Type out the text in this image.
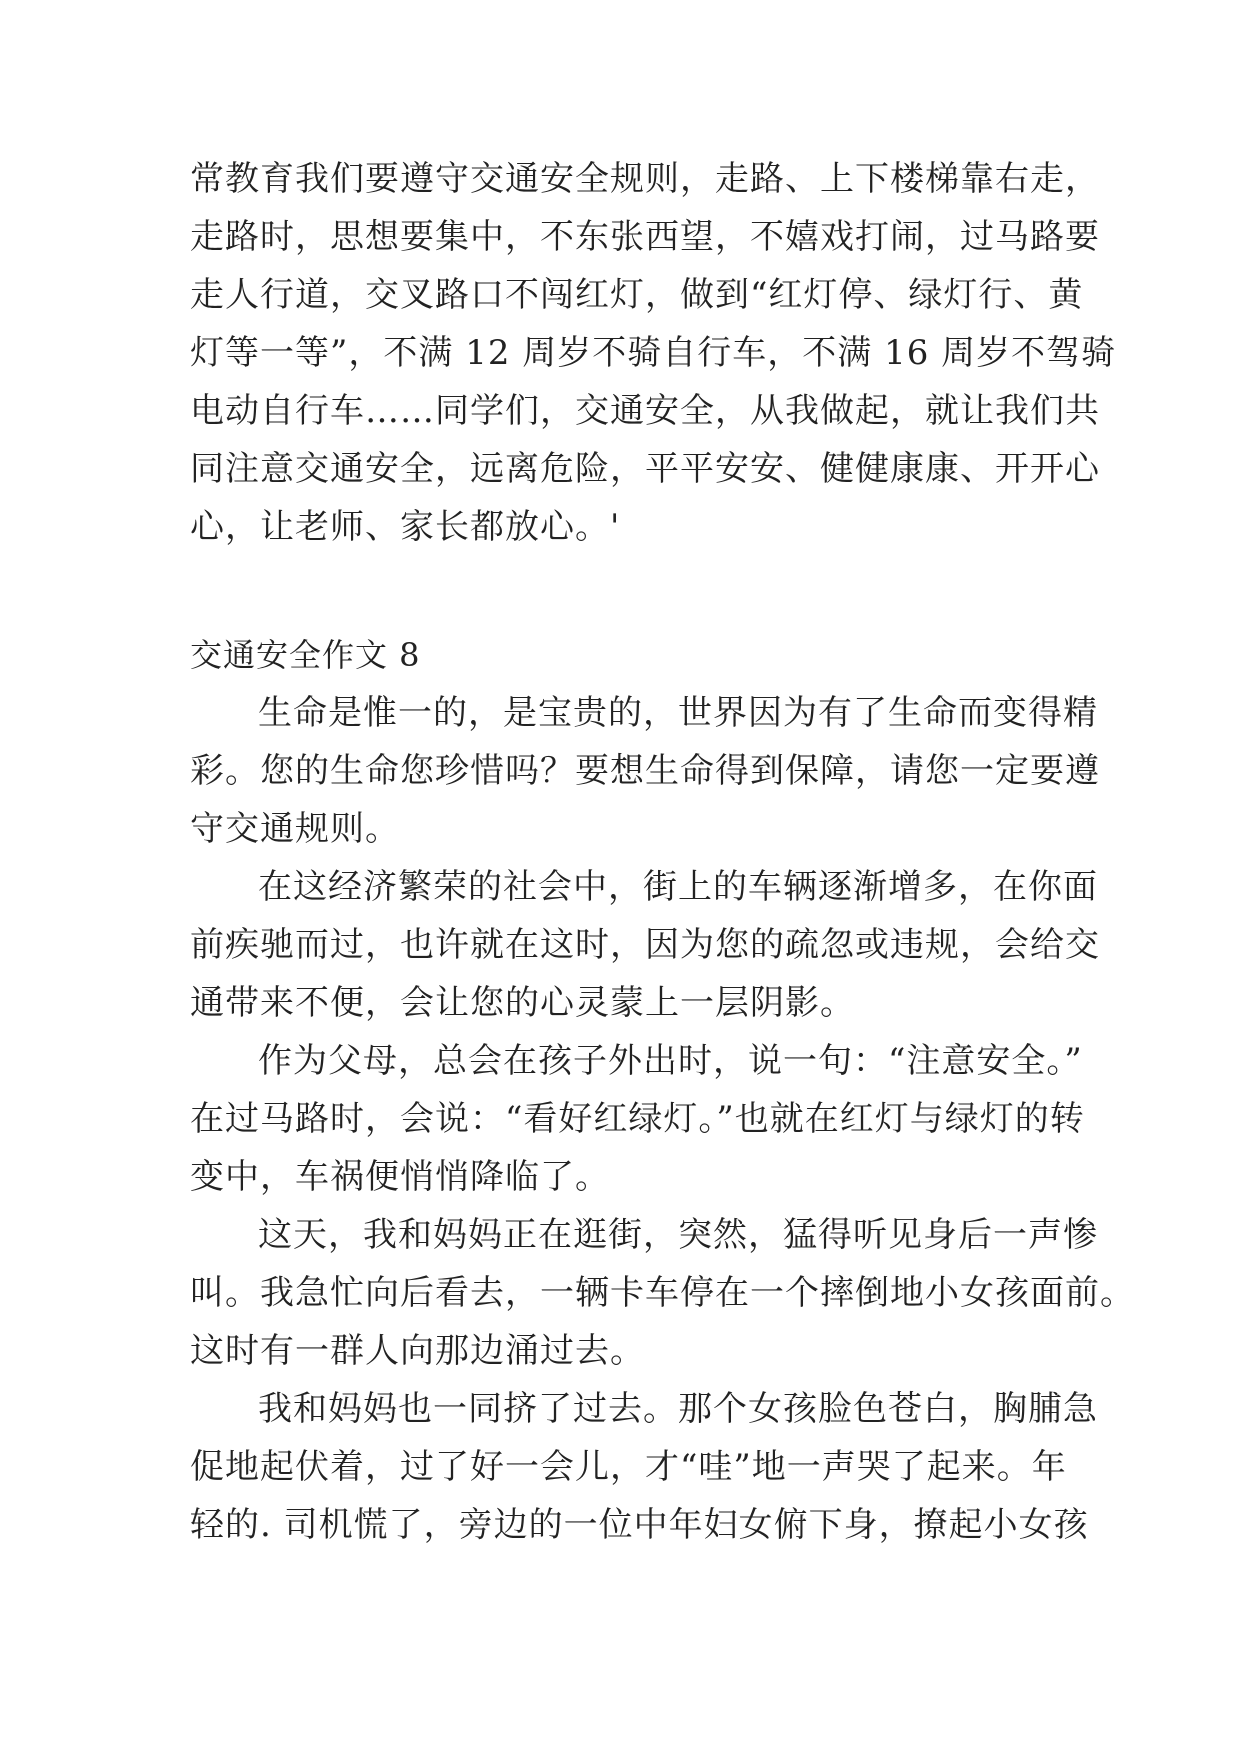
常教育我们要遵守交通安全规则，走路、上下楼梯靠右走，
走路时，思想要集中，不东张西望，不嬉戏打闹，过马路要
走人行道，交叉路口不闯红灯，做到“红灯停、绿灯行、黄
灯等一等”，不满 12 周岁不骑自行车，不满 16 周岁不驾骑
电动自行车……同学们，交通安全，从我做起，就让我们共
同注意交通安全，远离危险，平平安安、健健康康、开开心
心，让老师、家长都放心。'
交通安全作文 8
生命是惟一的，是宝贵的，世界因为有了生命而变得精
彩。您的生命您珍惜吗？要想生命得到保障，请您一定要遵
守交通规则。
在这经济繁荣的社会中，街上的车辆逐渐增多，在你面
前疾驰而过，也许就在这时，因为您的疏忽或违规，会给交
通带来不便，会让您的心灵蒙上一层阴影。
作为父母，总会在孩子外出时，说一句：“注意安全。”
在过马路时，会说：“看好红绿灯。”也就在红灯与绿灯的转
变中，车祸便悄悄降临了。
这天，我和妈妈正在逛街，突然，猛得听见身后一声惨
叫。我急忙向后看去，一辆卡车停在一个摔倒地小女孩面前。
这时有一群人向那边涌过去。
我和妈妈也一同挤了过去。那个女孩脸色苍白，胸脯急
促地起伏着，过了好一会儿，才“哇”地一声哭了起来。年
轻的. 司机慌了，旁边的一位中年妇女俯下身，撩起小女孩
